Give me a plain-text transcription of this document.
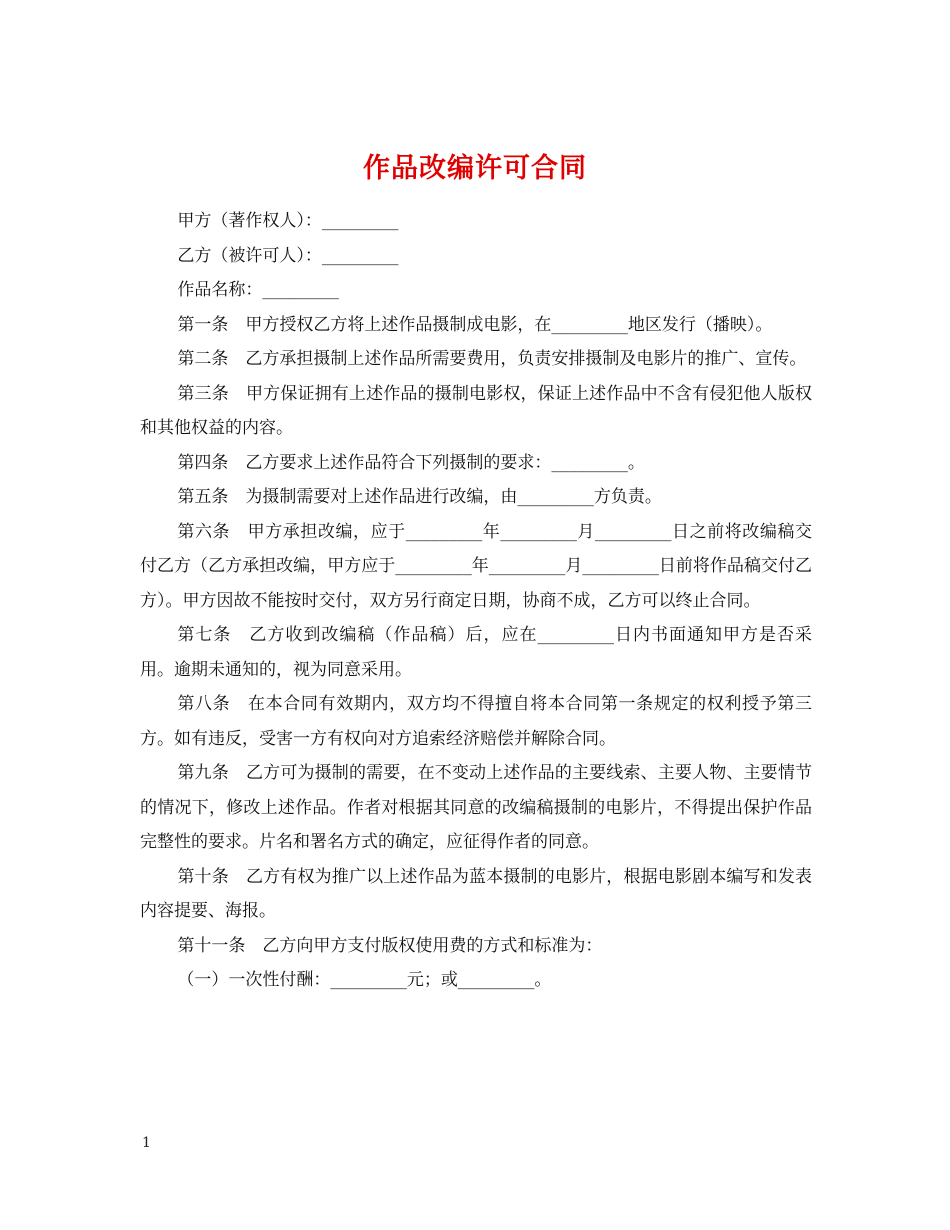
作品改编许可合同

甲方（著作权人）：_________

乙方（被许可人）：_________

作品名称：_________

第一条　甲方授权乙方将上述作品摄制成电影，在_________地区发行（播映）。

第二条　乙方承担摄制上述作品所需要费用，负责安排摄制及电影片的推广、宣传。

第三条　甲方保证拥有上述作品的摄制电影权，保证上述作品中不含有侵犯他人版权和其他权益的内容。

第四条　乙方要求上述作品符合下列摄制的要求：_________。

第五条　为摄制需要对上述作品进行改编，由_________方负责。

第六条　甲方承担改编，应于_________年_________月_________日之前将改编稿交付乙方（乙方承担改编，甲方应于_________年_________月_________日前将作品稿交付乙方）。甲方因故不能按时交付，双方另行商定日期，协商不成，乙方可以终止合同。

第七条　乙方收到改编稿（作品稿）后，应在_________日内书面通知甲方是否采用。逾期未通知的，视为同意采用。

第八条　在本合同有效期内，双方均不得擅自将本合同第一条规定的权利授予第三方。如有违反，受害一方有权向对方追索经济赔偿并解除合同。

第九条　乙方可为摄制的需要，在不变动上述作品的主要线索、主要人物、主要情节的情况下，修改上述作品。作者对根据其同意的改编稿摄制的电影片，不得提出保护作品完整性的要求。片名和署名方式的确定，应征得作者的同意。

第十条　乙方有权为推广以上述作品为蓝本摄制的电影片，根据电影剧本编写和发表内容提要、海报。

第十一条　乙方向甲方支付版权使用费的方式和标准为：

（一）一次性付酬：_________元；或_________。

1
